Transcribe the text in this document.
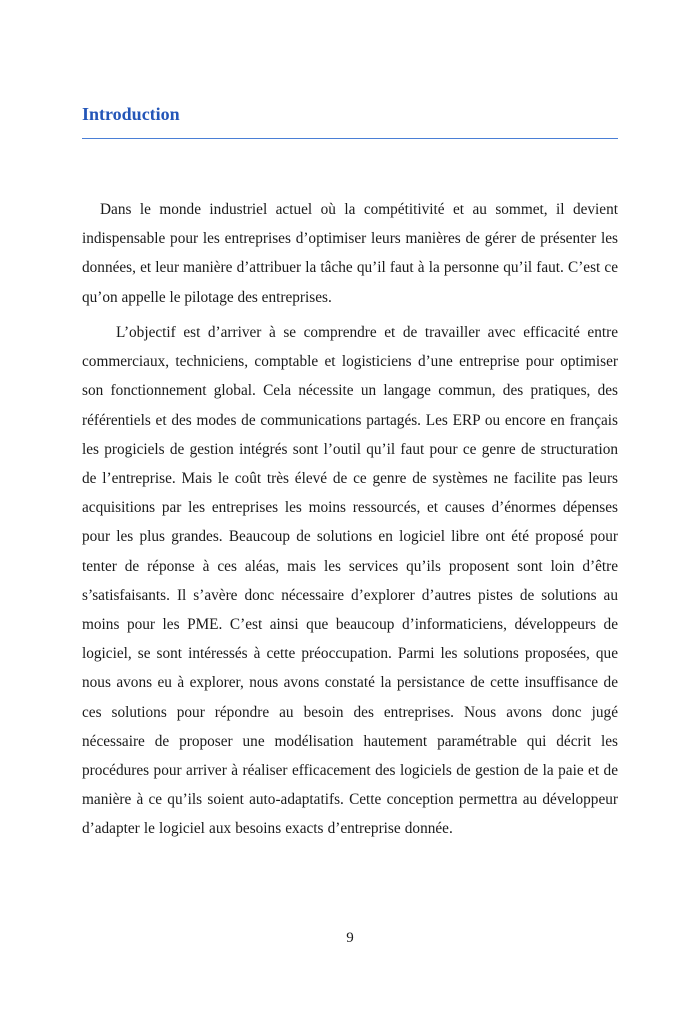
Introduction

Dans le monde industriel actuel où la compétitivité et au sommet, il devient indispensable pour les entreprises d’optimiser leurs manières de gérer de présenter les données, et leur manière d’attribuer la tâche qu’il faut à la personne qu’il faut. C’est ce qu’on appelle le pilotage des entreprises.

L’objectif est d’arriver à se comprendre et de travailler avec efficacité entre commerciaux, techniciens, comptable et logisticiens d’une entreprise pour optimiser son fonctionnement global. Cela nécessite un langage commun, des pratiques, des référentiels et des modes de communications partagés. Les ERP ou encore en français les progiciels de gestion intégrés sont l’outil qu’il faut pour ce genre de structuration de l’entreprise. Mais le coût très élevé de ce genre de systèmes ne facilite pas leurs acquisitions par les entreprises les moins ressourcés, et causes d’énormes dépenses pour les plus grandes. Beaucoup de solutions en logiciel libre ont été proposé pour tenter de réponse à ces aléas, mais les services qu’ils proposent sont loin d’être s’satisfaisants. Il s’avère donc nécessaire d’explorer d’autres pistes de solutions au moins pour les PME. C’est ainsi que beaucoup d’informaticiens, développeurs de logiciel, se sont intéressés à cette préoccupation. Parmi les solutions proposées, que nous avons eu à explorer, nous avons constaté la persistance de cette insuffisance de ces solutions pour répondre au besoin des entreprises. Nous avons donc jugé nécessaire de proposer une modélisation hautement paramétrable qui décrit les procédures pour arriver à réaliser efficacement des logiciels de gestion de la paie et de manière à ce qu’ils soient auto-adaptatifs. Cette conception permettra au développeur d’adapter le logiciel aux besoins exacts d’entreprise donnée.

9
